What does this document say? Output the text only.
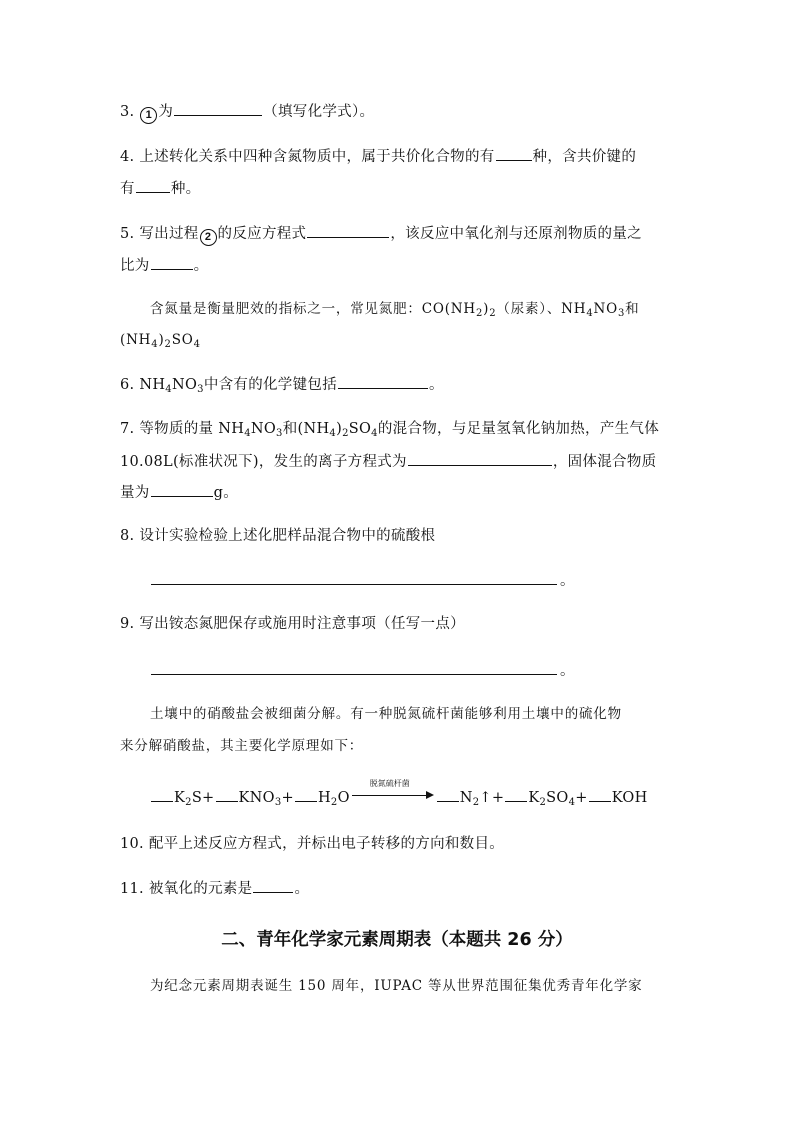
3. 1 为	（填写化学式）。
4. 上述转化关系中四种含氮物质中，属于共价化合物的有	种，含共价键的
有 种。
5. 写出过程 2 的反应方程式	，该反应中氧化剂与还原剂物质的量之
比为	。
含氮量是衡量肥效的指标之一，常见氮肥：$CO(NH_2)_2$（尿素）、$NH_4NO_3$和
$(NH_4)_2SO_4$
6. $NH_4NO_3$中含有的化学键包括	。
7. 等物质的量 $NH_4NO_3$和$(NH_4)_2SO_4$的混合物，与足量氢氧化钠加热，产生气体
10.08L(标准状况下)，发生的离子方程式为	，固体混合物质
量为	g。
8. 设计实验检验上述化肥样品混合物中的硫酸根
。
9. 写出铵态氮肥保存或施用时注意事项（任写一点）
。
土壤中的硝酸盐会被细菌分解。有一种脱氮硫杆菌能够利用土壤中的硫化物
来分解硝酸盐，其主要化学原理如下：
$K_2S+ KNO_3+ H_2O$
脱氮硫杆菌
$N_2↑+ K_2SO_4+$ KOH
10. 配平上述反应方程式，并标出电子转移的方向和数目。
11. 被氧化的元素是	。
二、青年化学家元素周期表（本题共 26 分）
为纪念元素周期表诞生 150 周年，IUPAC 等从世界范围征集优秀青年化学家
